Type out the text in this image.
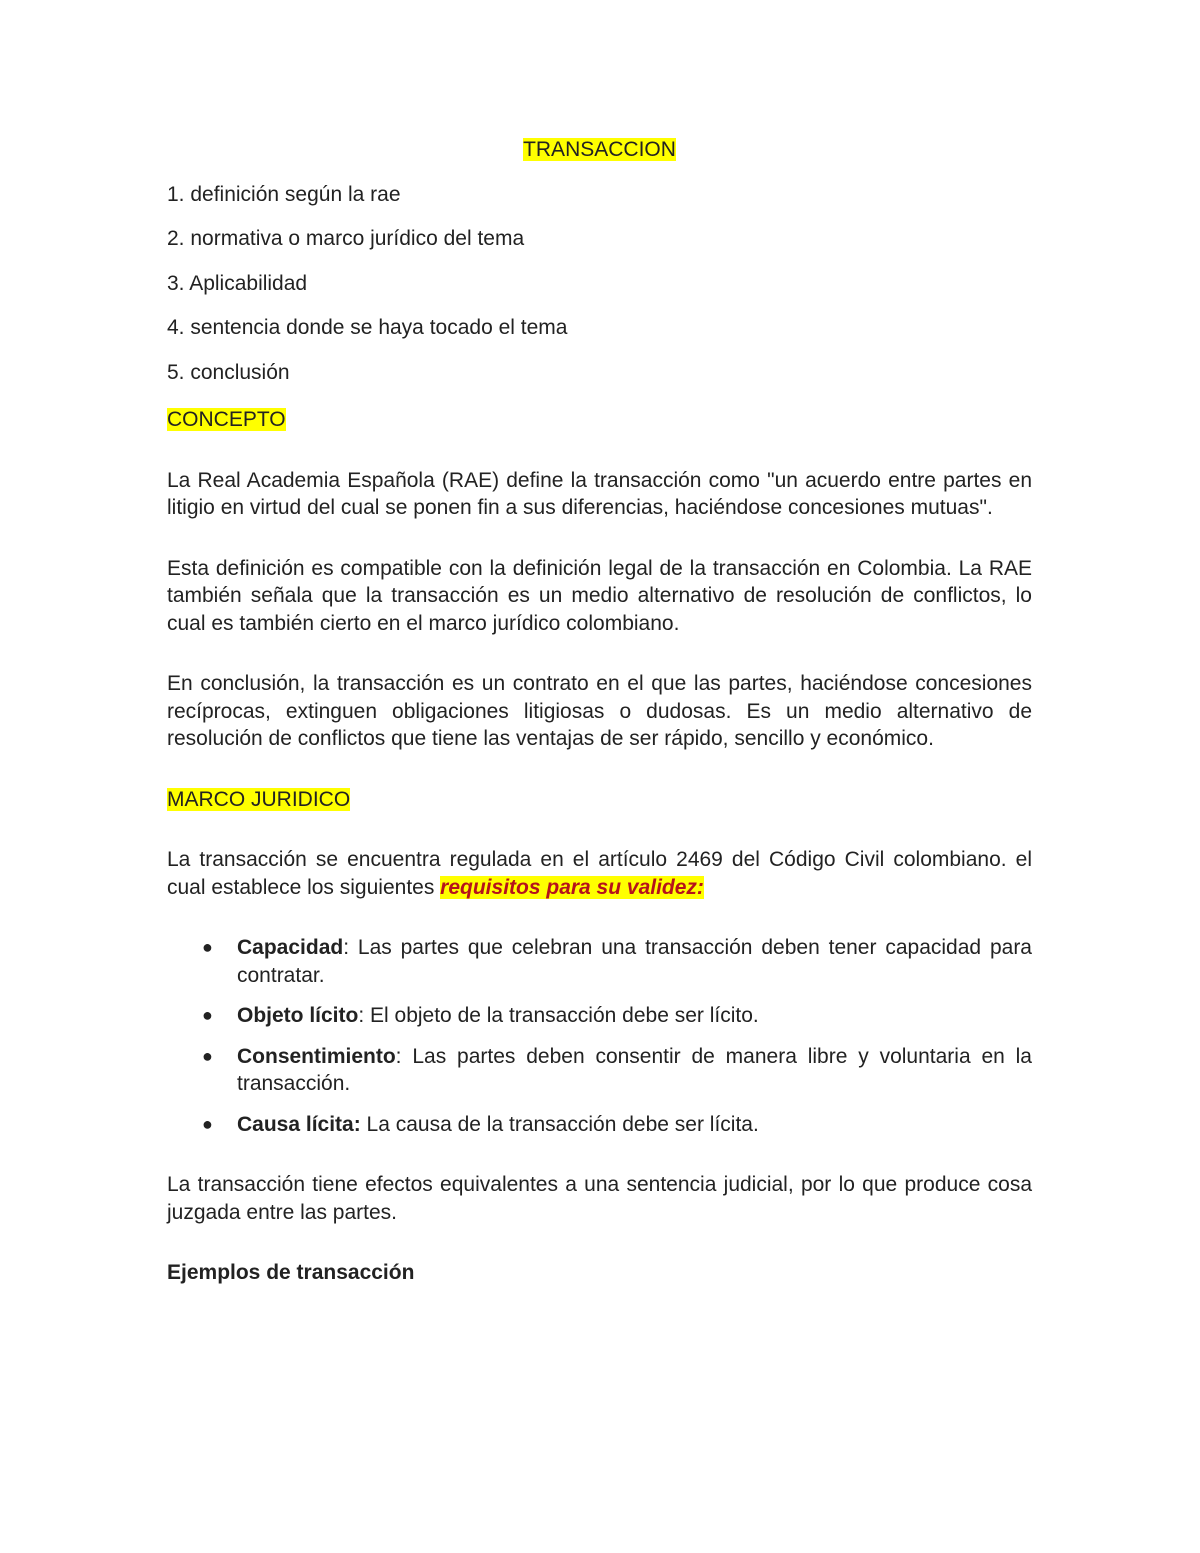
TRANSACCION
1. definición según la rae
2. normativa o marco jurídico del tema
3. Aplicabilidad
4. sentencia donde se haya tocado el tema
5. conclusión
CONCEPTO

La Real Academia Española (RAE) define la transacción como "un acuerdo entre partes en litigio en virtud del cual se ponen fin a sus diferencias, haciéndose concesiones mutuas".

Esta definición es compatible con la definición legal de la transacción en Colombia. La RAE también señala que la transacción es un medio alternativo de resolución de conflictos, lo cual es también cierto en el marco jurídico colombiano.

En conclusión, la transacción es un contrato en el que las partes, haciéndose concesiones recíprocas, extinguen obligaciones litigiosas o dudosas. Es un medio alternativo de resolución de conflictos que tiene las ventajas de ser rápido, sencillo y económico.

MARCO JURIDICO

La transacción se encuentra regulada en el artículo 2469 del Código Civil colombiano. el cual establece los siguientes requisitos para su validez:

● Capacidad: Las partes que celebran una transacción deben tener capacidad para contratar.
● Objeto lícito: El objeto de la transacción debe ser lícito.
● Consentimiento: Las partes deben consentir de manera libre y voluntaria en la transacción.
● Causa lícita: La causa de la transacción debe ser lícita.

La transacción tiene efectos equivalentes a una sentencia judicial, por lo que produce cosa juzgada entre las partes.

Ejemplos de transacción
